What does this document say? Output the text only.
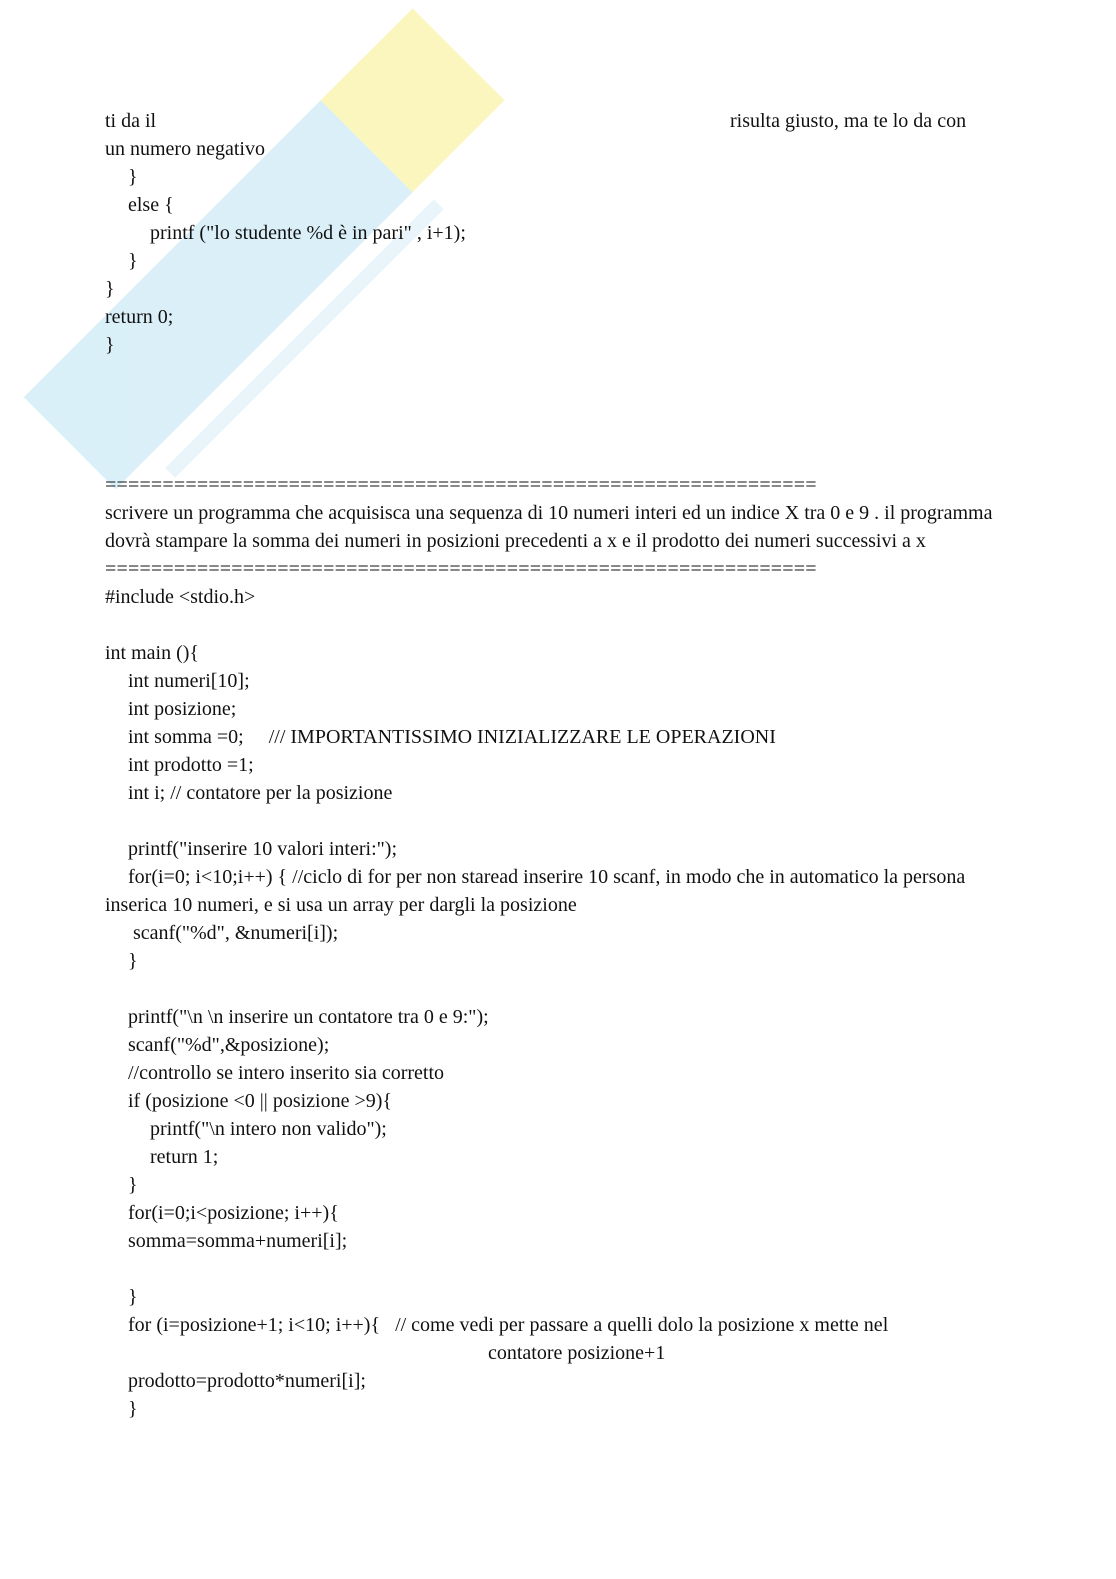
ti da il	risulta giusto, ma te lo da con
un numero negativo
}
else {
printf ("lo studente %d è in pari" , i+1);
}
}
return 0;
}
==============================================================
scrivere un programma che acquisisca una sequenza di 10 numeri interi ed un indice X tra 0 e 9 . il programma dovrà stampare la somma dei numeri in posizioni precedenti a x e il prodotto dei numeri successivi a x
==============================================================
#include <stdio.h>
int main (){
int numeri[10];
int posizione;
int somma =0;     /// IMPORTANTISSIMO INIZIALIZZARE LE OPERAZIONI
int prodotto =1;
int i; // contatore per la posizione
printf("inserire 10 valori interi:");
for(i=0; i<10;i++) { //ciclo di for per non staread inserire 10 scanf, in modo che in automatico la persona inserica 10 numeri, e si usa un array per dargli la posizione
scanf("%d", &numeri[i]);
}
printf("\n \n inserire un contatore tra 0 e 9:");
scanf("%d",&posizione);
//controllo se intero inserito sia corretto
if (posizione <0 || posizione >9){
printf("\n intero non valido");
return 1;
}
for(i=0;i<posizione; i++){
somma=somma+numeri[i];
}
for (i=posizione+1; i<10; i++){   // come vedi per passare a quelli dolo la posizione x mette nel
contatore posizione+1
prodotto=prodotto*numeri[i];
}
